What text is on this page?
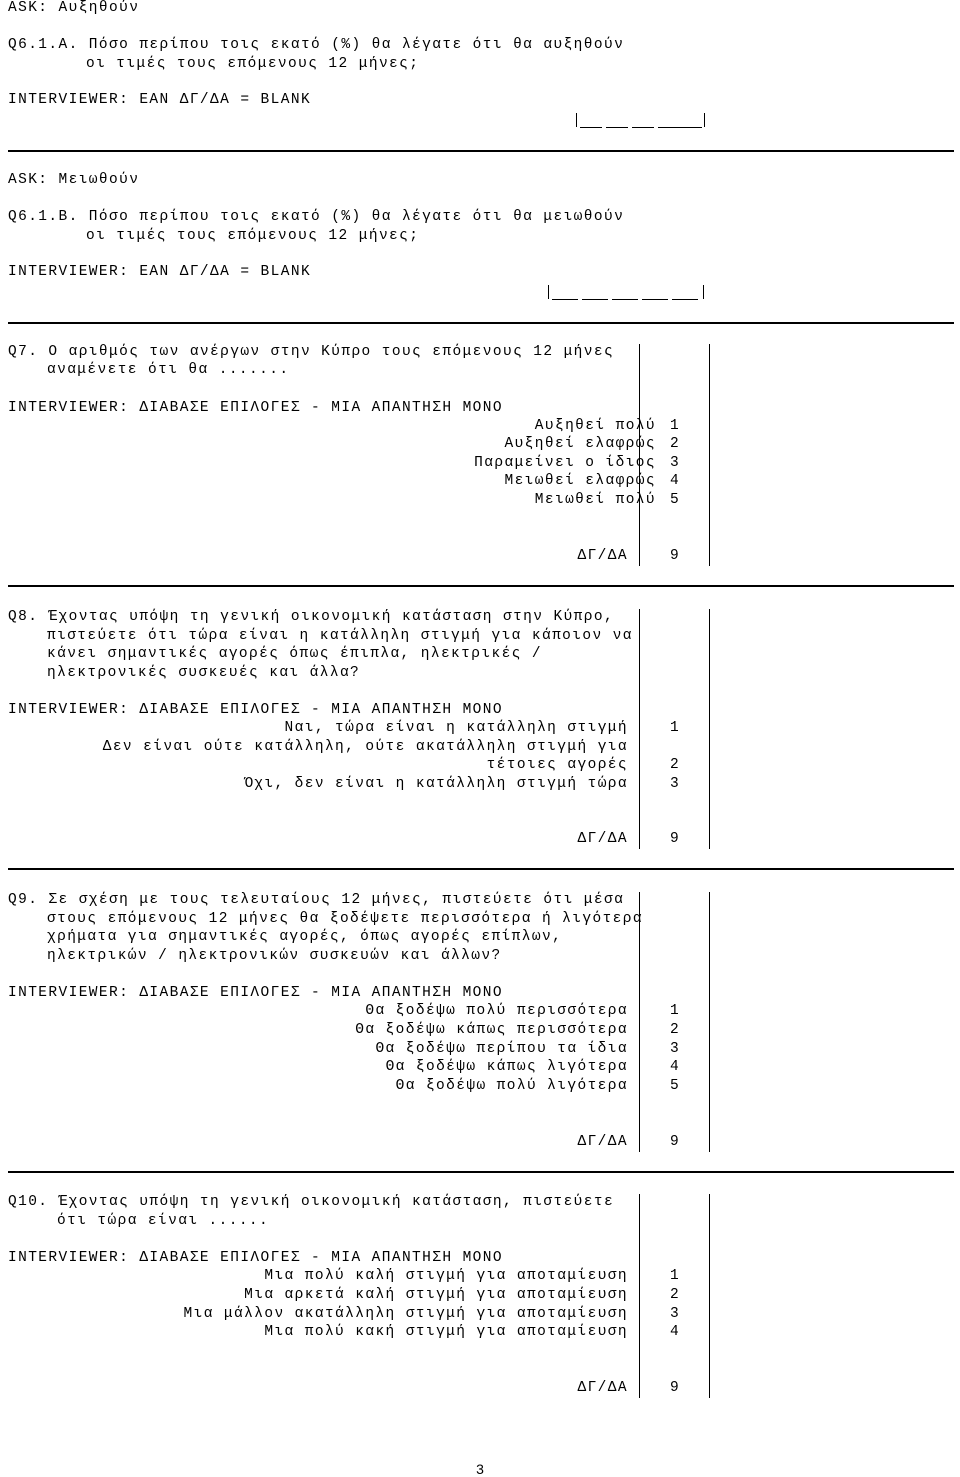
ASK: Αυξηθούν
Q6.1.A. Πόσο περίπου τοις εκατό (%) θα λέγατε ότι θα αυξηθούν
οι τιμές τους επόμενους 12 μήνες;
INTERVIEWER: ΕΑΝ ΔΓ/ΔΑ = BLANK
ASK: Μειωθούν
Q6.1.B. Πόσο περίπου τοις εκατό (%) θα λέγατε ότι θα μειωθούν
οι τιμές τους επόμενους 12 μήνες;
INTERVIEWER: ΕΑΝ ΔΓ/ΔΑ = BLANK
Q7. Ο αριθμός των ανέργων στην Κύπρο τους επόμενους 12 μήνες
αναμένετε ότι θα .......
INTERVIEWER: ΔΙΑΒΑΣΕ ΕΠΙΛΟΓΕΣ - ΜΙΑ ΑΠΑΝΤΗΣΗ ΜΟΝΟ
Αυξηθεί πολύ 1
Αυξηθεί ελαφρώς 2
Παραμείνει ο ίδιος 3
Μειωθεί ελαφρώς 4
Μειωθεί πολύ 5
ΔΓ/ΔΑ	9
Q8. Έχοντας υπόψη τη γενική οικονομική κατάσταση στην Κύπρο,
πιστεύετε ότι τώρα είναι η κατάλληλη στιγμή για κάποιον να
κάνει σημαντικές αγορές όπως έπιπλα, ηλεκτρικές /
ηλεκτρονικές συσκευές και άλλα?
INTERVIEWER: ΔΙΑΒΑΣΕ ΕΠΙΛΟΓΕΣ - ΜΙΑ ΑΠΑΝΤΗΣΗ ΜΟΝΟ
Ναι, τώρα είναι η κατάλληλη στιγμή	1
Δεν είναι ούτε κατάλληλη, ούτε ακατάλληλη στιγμή για
τέτοιες αγορές	2
Όχι, δεν είναι η κατάλληλη στιγμή τώρα	3
ΔΓ/ΔΑ	9
Q9. Σε σχέση με τους τελευταίους 12 μήνες, πιστεύετε ότι μέσα
στους επόμενους 12 μήνες θα ξοδέψετε περισσότερα ή λιγότερα
χρήματα για σημαντικές αγορές, όπως αγορές επίπλων,
ηλεκτρικών / ηλεκτρονικών συσκευών και άλλων?
INTERVIEWER: ΔΙΑΒΑΣΕ ΕΠΙΛΟΓΕΣ - ΜΙΑ ΑΠΑΝΤΗΣΗ ΜΟΝΟ
Θα ξοδέψω πολύ περισσότερα	1
Θα ξοδέψω κάπως περισσότερα	2
Θα ξοδέψω περίπου τα ίδια	3
Θα ξοδέψω κάπως λιγότερα	4
Θα ξοδέψω πολύ λιγότερα	5
ΔΓ/ΔΑ	9
Q10. Έχοντας υπόψη τη γενική οικονομική κατάσταση, πιστεύετε
ότι τώρα είναι ......
INTERVIEWER: ΔΙΑΒΑΣΕ ΕΠΙΛΟΓΕΣ - ΜΙΑ ΑΠΑΝΤΗΣΗ ΜΟΝΟ
Μια πολύ καλή στιγμή για αποταμίευση	1
Μια αρκετά καλή στιγμή για αποταμίευση	2
Μια μάλλον ακατάλληλη στιγμή για αποταμίευση	3
Μια πολύ κακή στιγμή για αποταμίευση	4
ΔΓ/ΔΑ	9
3
